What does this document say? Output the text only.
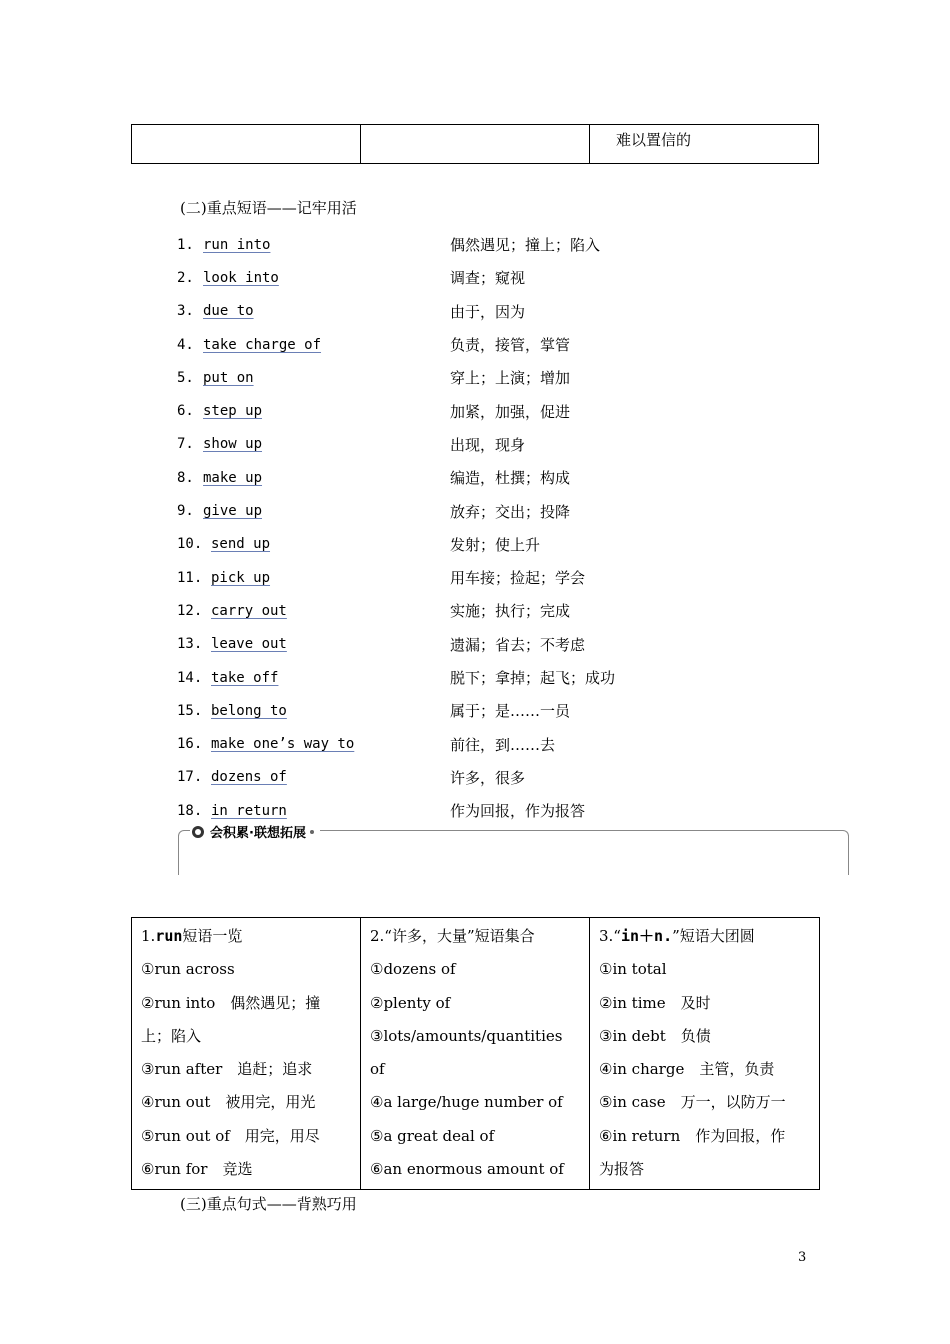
		难以置信的
(二)重点短语——记牢用活
1. run into	偶然遇见；撞上；陷入
2. look into	调查；窥视
3. due to	由于，因为
4. take charge of	负责，接管，掌管
5. put on	穿上；上演；增加
6. step up	加紧，加强，促进
7. show up	出现，现身
8. make up	编造，杜撰；构成
9. give up	放弃；交出；投降
10. send up	发射；使上升
11. pick up	用车接；捡起；学会
12. carry out	实施；执行；完成
13. leave out	遗漏；省去；不考虑
14. take off	脱下；拿掉；起飞；成功
15. belong to	属于；是……一员
16. make one’s way to	前往，到……去
17. dozens of	许多，很多
18. in return	作为回报，作为报答
会积累·联想拓展
1.run短语一览
①run across
②run into　偶然遇见；撞
上；陷入
③run after　追赶；追求
④run out　被用完，用光
⑤run out of　用完，用尽
⑥run for　竞选

2.“许多，大量”短语集合
①dozens of
②plenty of
③lots/amounts/quantities
of
④a large/huge number of
⑤a great deal of
⑥an enormous amount of

3.“in＋n.”短语大团圆
①in total
②in time　及时
③in debt　负债
④in charge　主管，负责
⑤in case　万一，以防万一
⑥in return　作为回报，作
为报答
(三)重点句式——背熟巧用
3
